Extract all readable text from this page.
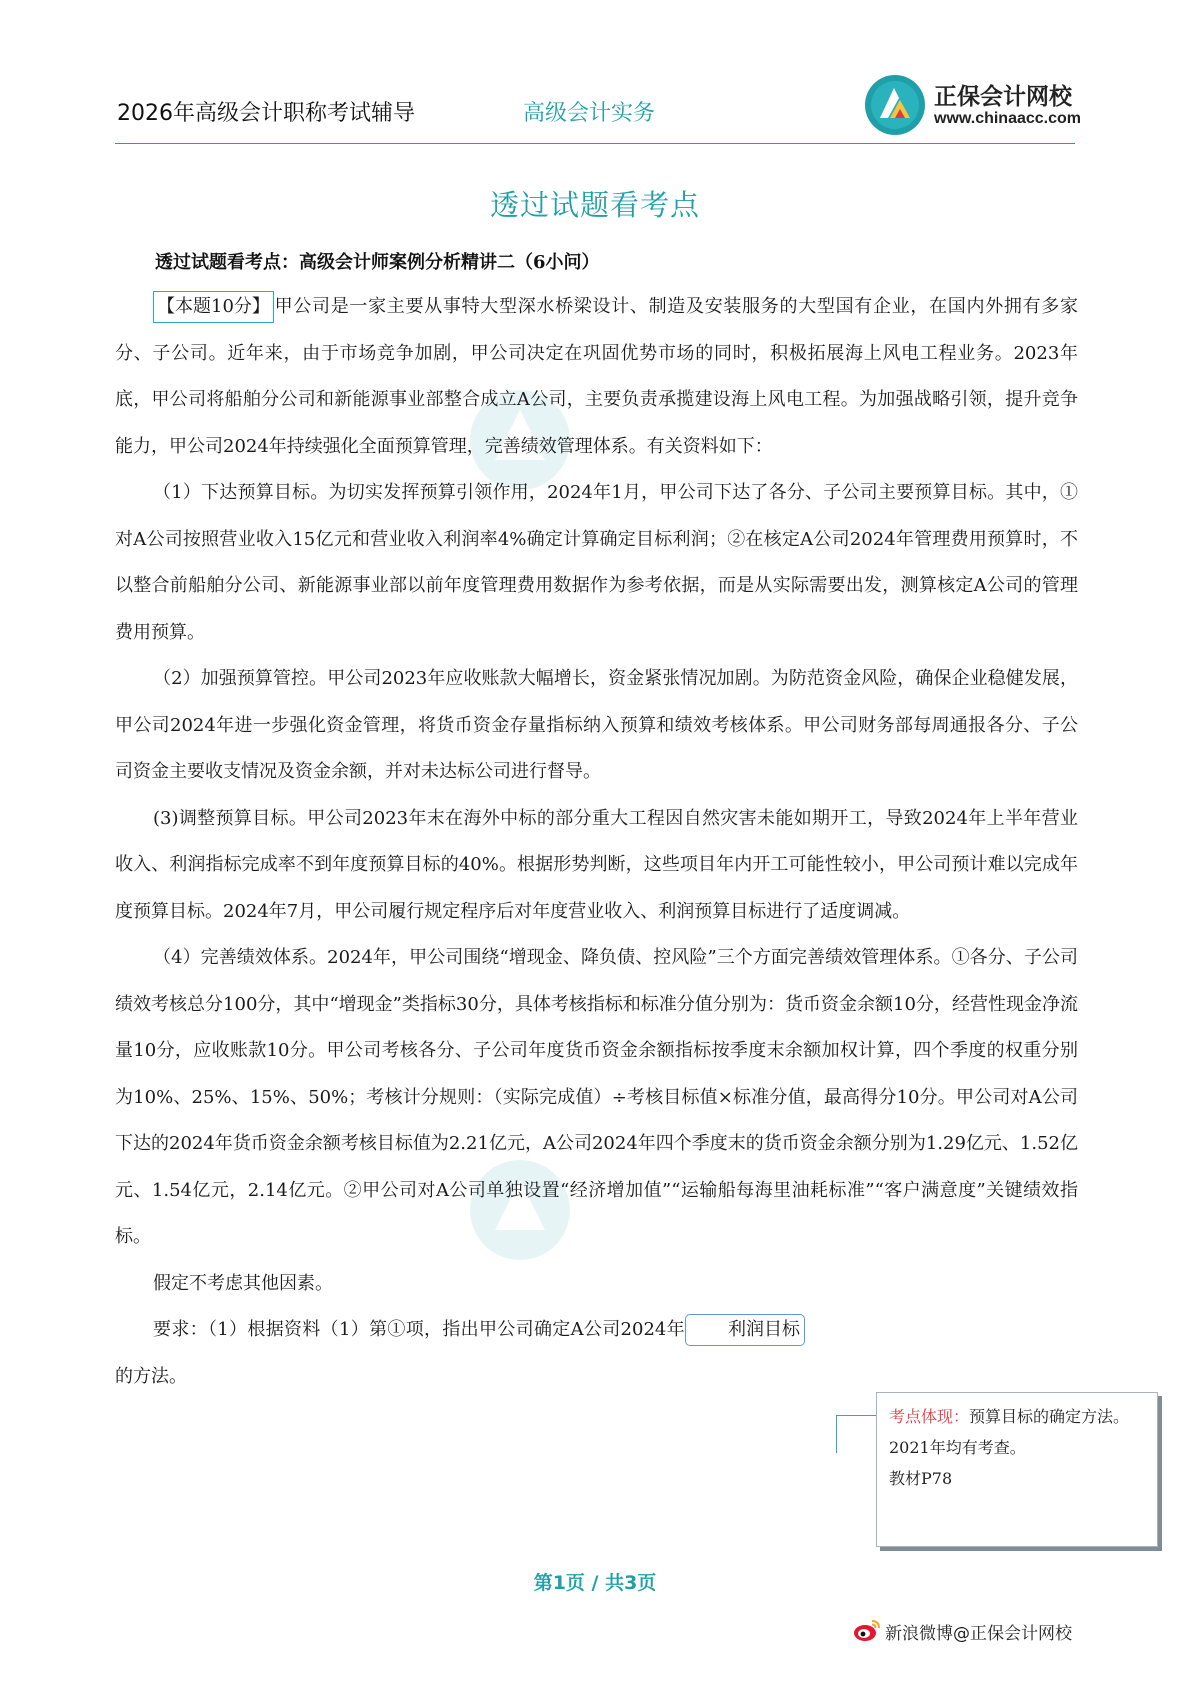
2026年高级会计职称考试辅导	高级会计实务
正保会计网校
www.chinaacc.com
透过试题看考点
透过试题看考点：高级会计师案例分析精讲二（6小问）

【本题10分】 甲公司是一家主要从事特大型深水桥梁设计、制造及安装服务的大型国有企业，在国内外拥有多家分、子公司。近年来，由于市场竞争加剧，甲公司决定在巩固优势市场的同时，积极拓展海上风电工程业务。2023年底，甲公司将船舶分公司和新能源事业部整合成立A公司，主要负责承揽建设海上风电工程。为加强战略引领，提升竞争能力，甲公司2024年持续强化全面预算管理，完善绩效管理体系。有关资料如下：

（1）下达预算目标。为切实发挥预算引领作用，2024年1月，甲公司下达了各分、子公司主要预算目标。其中，①对A公司按照营业收入15亿元和营业收入利润率4%确定计算确定目标利润；②在核定A公司2024年管理费用预算时，不以整合前船舶分公司、新能源事业部以前年度管理费用数据作为参考依据，而是从实际需要出发，测算核定A公司的管理费用预算。

（2）加强预算管控。甲公司2023年应收账款大幅增长，资金紧张情况加剧。为防范资金风险，确保企业稳健发展，甲公司2024年进一步强化资金管理，将货币资金存量指标纳入预算和绩效考核体系。甲公司财务部每周通报各分、子公司资金主要收支情况及资金余额，并对未达标公司进行督导。

(3)调整预算目标。甲公司2023年末在海外中标的部分重大工程因自然灾害未能如期开工，导致2024年上半年营业收入、利润指标完成率不到年度预算目标的40%。根据形势判断，这些项目年内开工可能性较小，甲公司预计难以完成年度预算目标。2024年7月，甲公司履行规定程序后对年度营业收入、利润预算目标进行了适度调减。

（4）完善绩效体系。2024年，甲公司围绕“增现金、降负债、控风险”三个方面完善绩效管理体系。①各分、子公司绩效考核总分100分，其中“增现金”类指标30分，具体考核指标和标准分值分别为：货币资金余额10分，经营性现金净流量10分，应收账款10分。甲公司考核各分、子公司年度货币资金余额指标按季度末余额加权计算，四个季度的权重分别为10%、25%、15%、50%；考核计分规则：（实际完成值）÷考核目标值×标准分值，最高得分10分。甲公司对A公司下达的2024年货币资金余额考核目标值为2.21亿元，A公司2024年四个季度末的货币资金余额分别为1.29亿元、1.52亿元、1.54亿元，2.14亿元。②甲公司对A公司单独设置“经济增加值”“运输船每海里油耗标准”“客户满意度”关键绩效指标。

假定不考虑其他因素。

要求：（1）根据资料（1）第①项，指出甲公司确定A公司2024年 利润目标的方法。

考点体现：预算目标的确定方法。

2021年均有考查。

教材P78

第1页 / 共3页
新浪微博@正保会计网校
